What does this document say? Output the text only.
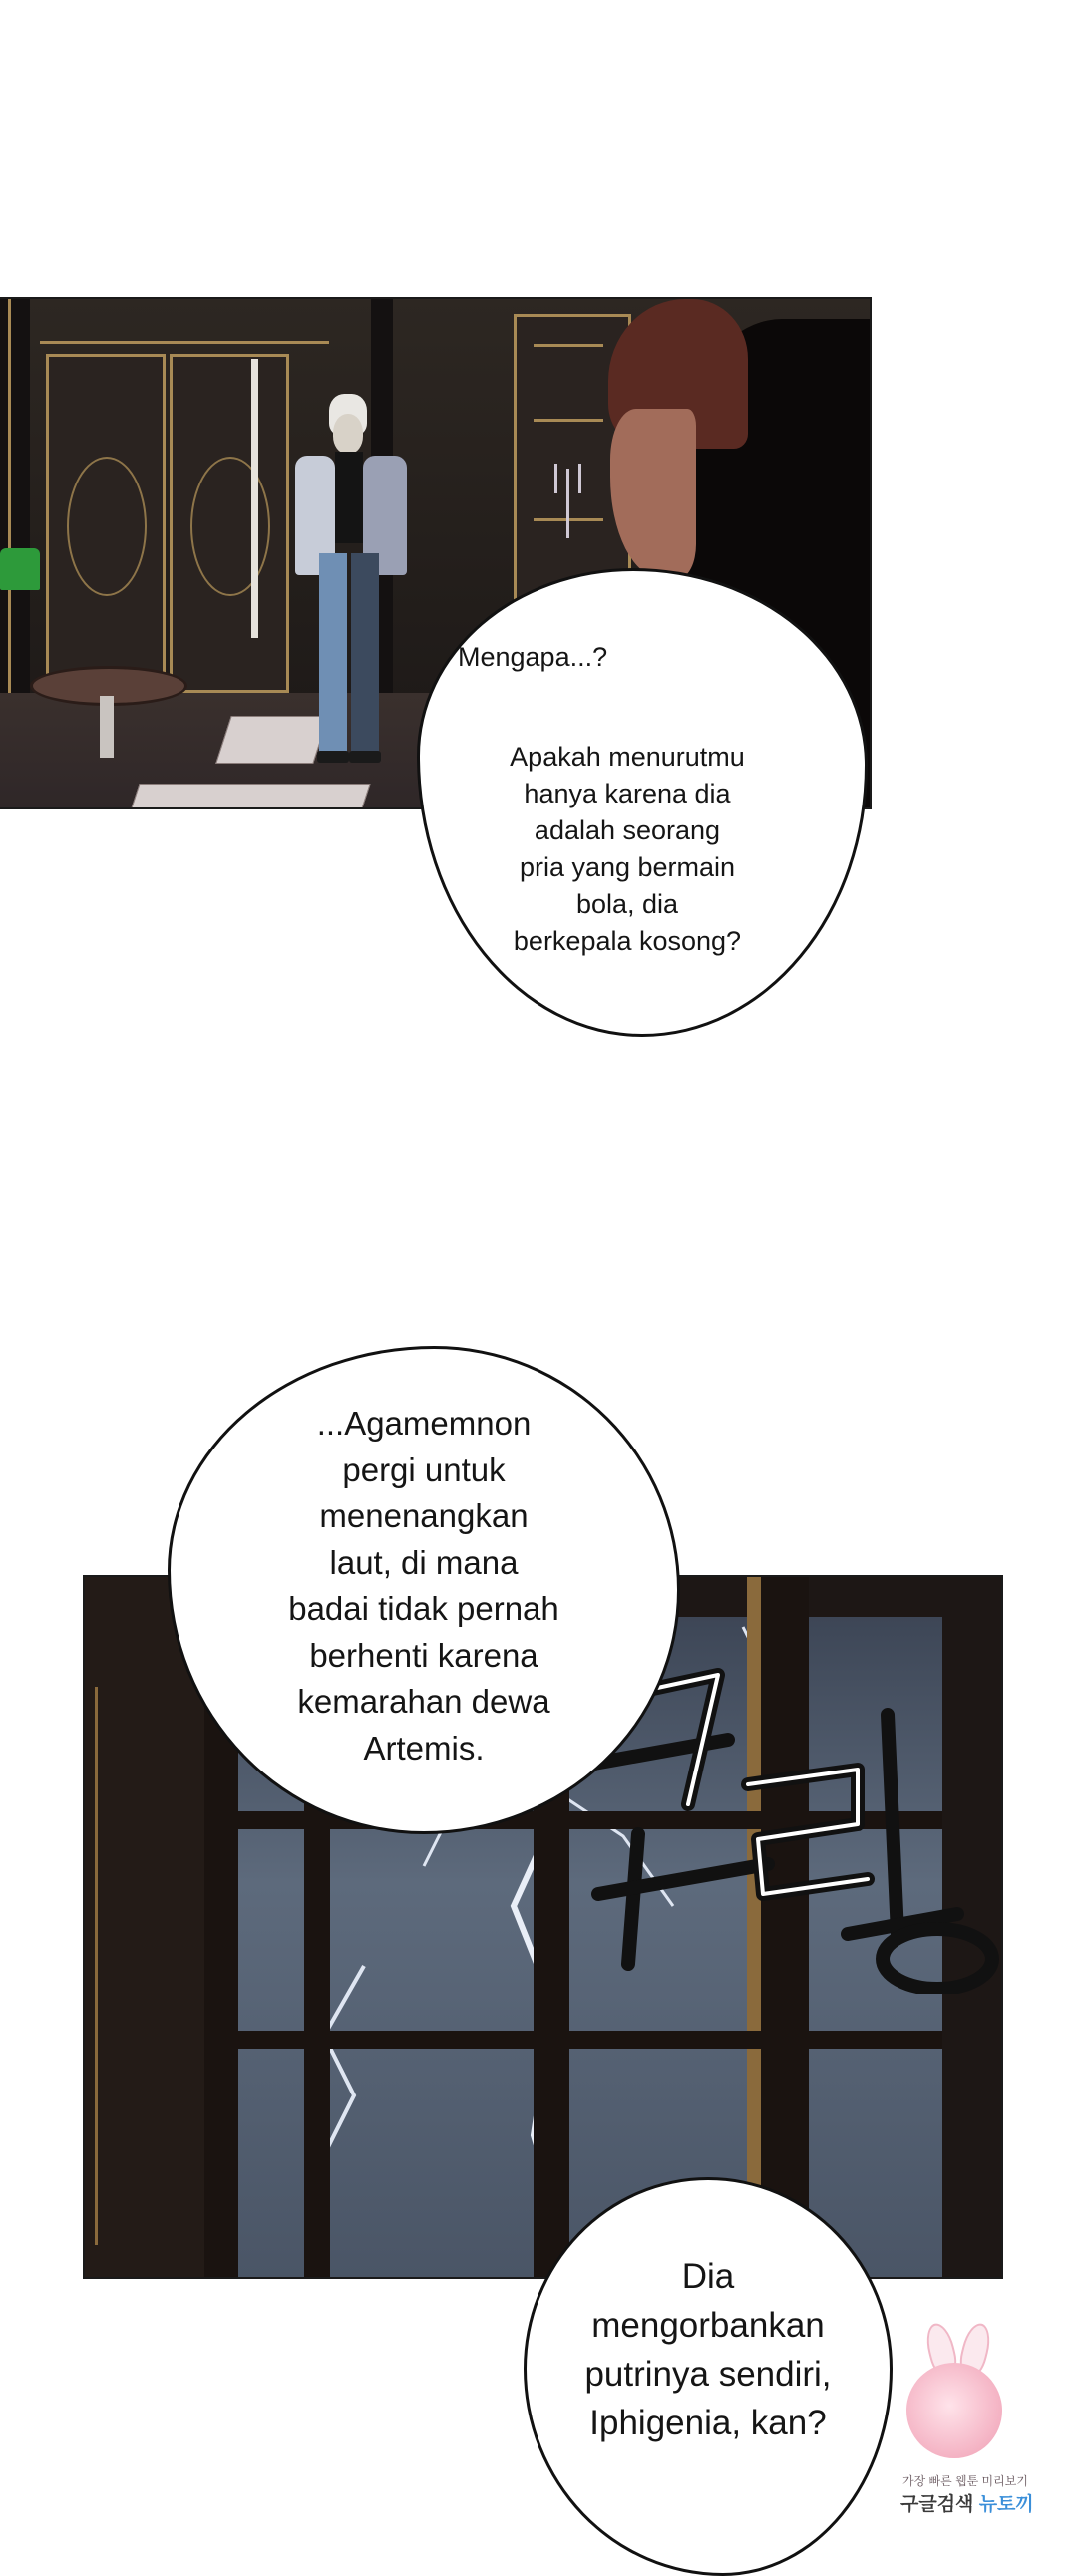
Mengapa...?
Apakah menurutmu
hanya karena dia
adalah seorang
pria yang bermain
bola, dia
berkepala kosong?
...Agamemnon
pergi untuk
menenangkan
laut, di mana
badai tidak pernah
berhenti karena
kemarahan dewa
Artemis.
Dia
mengorbankan
putrinya sendiri,
Iphigenia, kan?
가장 빠른 웹툰 미리보기
구글검색 뉴토끼
